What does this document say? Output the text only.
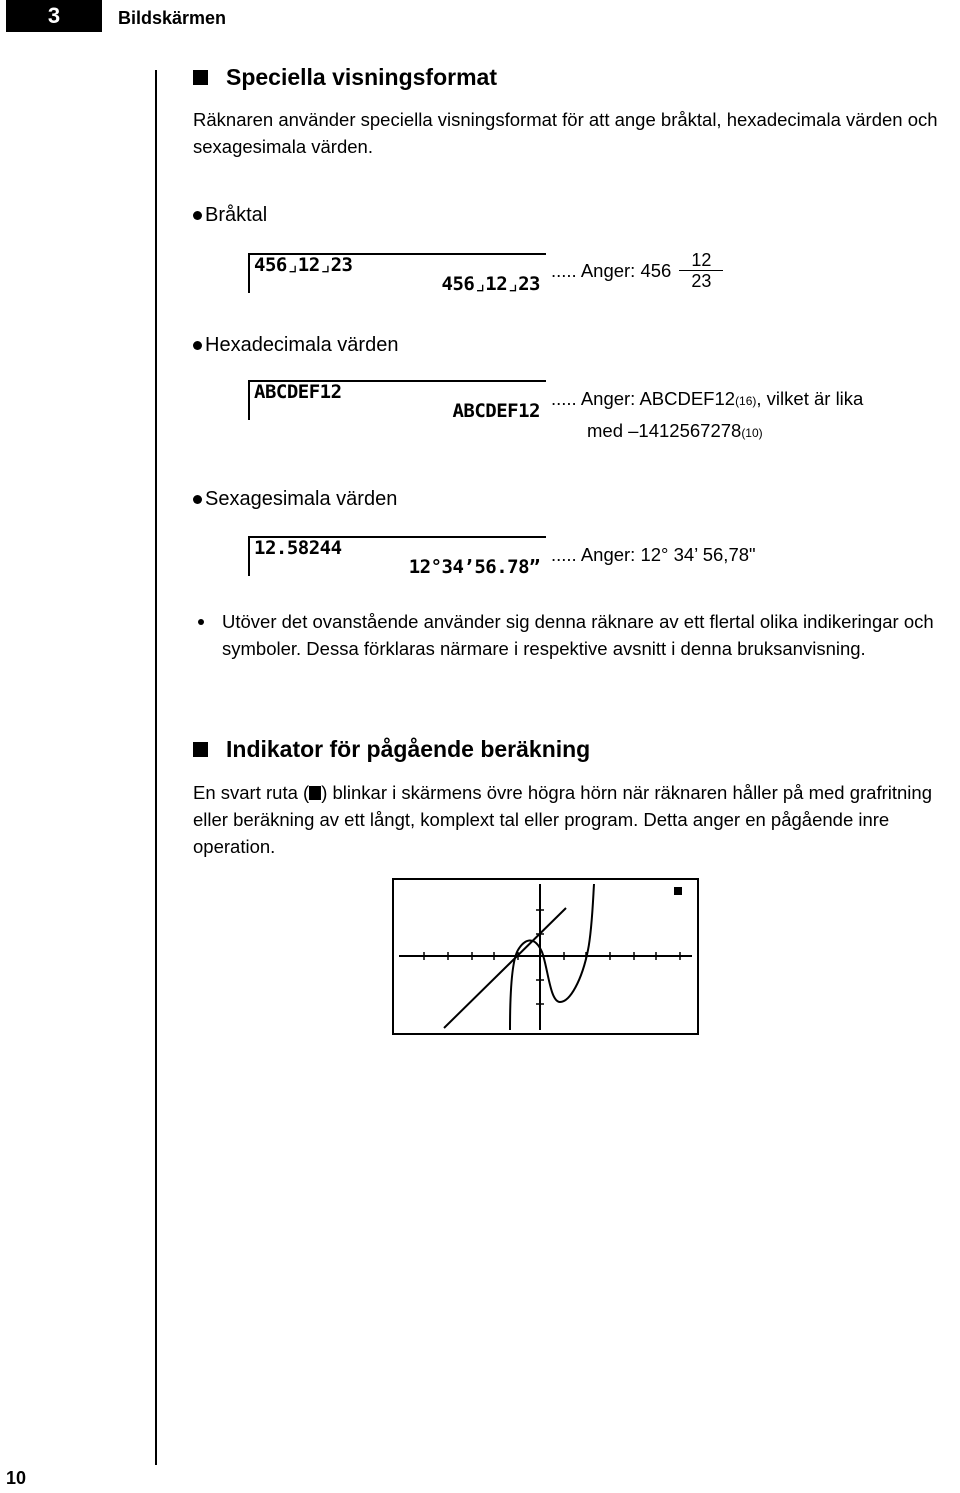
3	Bildskärmen
Speciella visningsformat
Räknaren använder speciella visningsformat för att ange bråktal, hexadecimala värden och sexagesimala värden.
Bråktal
456⌟12⌟23
456⌟12⌟23
..... Anger: $456 \frac{12}{23}$
Hexadecimala värden
ABCDEF12
ABCDEF12
..... Anger: ABCDEF12(16), vilket är lika
med –1412567278(10)
Sexagesimala värden
12.58244
12°34’56.78”
..... Anger: 12° 34’ 56,78"
Utöver det ovanstående använder sig denna räknare av ett flertal olika indikeringar och symboler. Dessa förklaras närmare i respektive avsnitt i denna bruksanvisning.
Indikator för pågående beräkning
En svart ruta ( ) blinkar i skärmens övre högra hörn när räknaren håller på med grafritning eller beräkning av ett långt, komplext tal eller program. Detta anger en pågående inre operation.
10
